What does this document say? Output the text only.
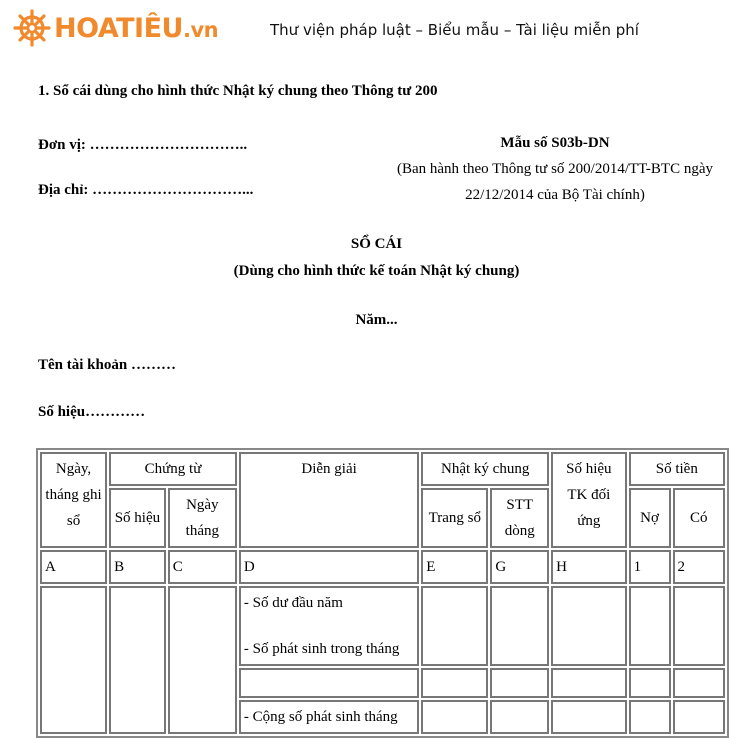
HOATIÊU.vn	Thư viện pháp luật – Biểu mẫu – Tài liệu miễn phí
1. Sổ cái dùng cho hình thức Nhật ký chung theo Thông tư 200
Đơn vị: …………………………..
Địa chỉ: …………………………...
Mẫu số S03b-DN
(Ban hành theo Thông tư số 200/2014/TT-BTC ngày
22/12/2014 của Bộ Tài chính)
SỔ CÁI
(Dùng cho hình thức kế toán Nhật ký chung)
Năm...
Tên tài khoản ………
Số hiệu…………
Ngày, tháng ghi sổ	Chứng từ		Diễn giải	Nhật ký chung		Số hiệu TK đối ứng	Số tiền	
	Số hiệu	Ngày tháng		Trang sổ	STT dòng		Nợ	Có
A	B	C	D	E	G	H	1	2

			- Số dư đầu năm
- Số phát sinh trong tháng					

			- Cộng số phát sinh tháng					
